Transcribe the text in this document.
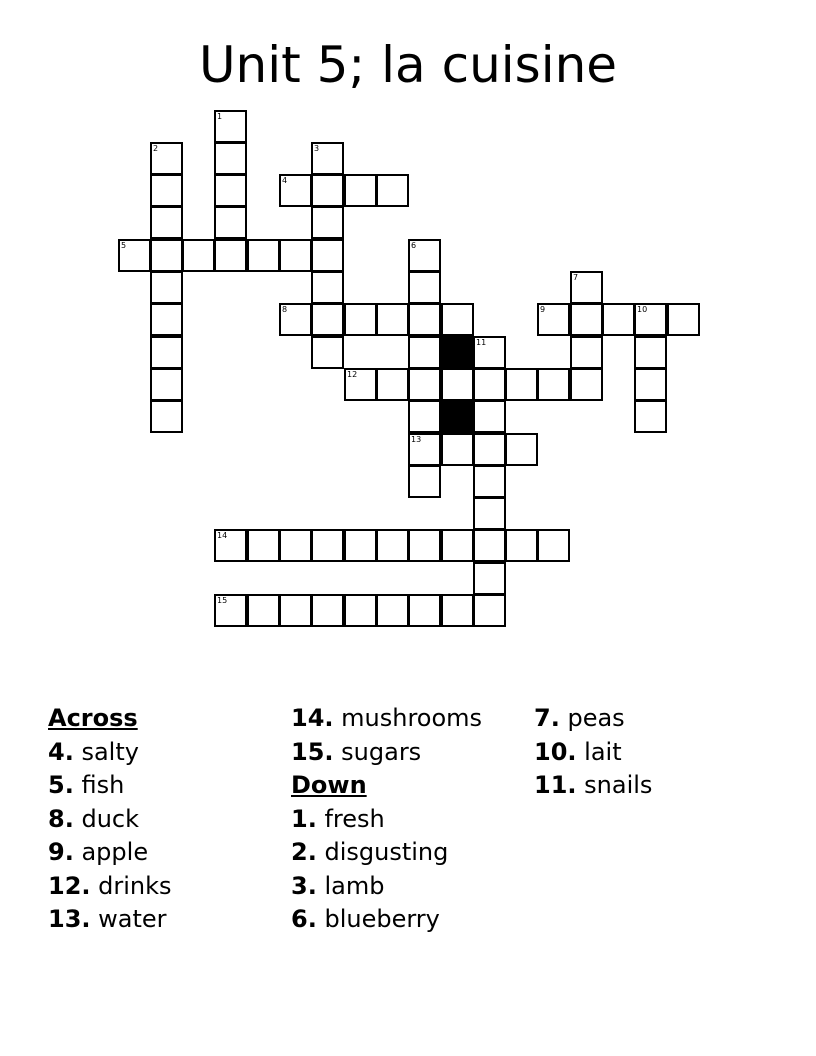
Unit 5; la cuisine
1
2	3
4
5	6
7
8	9	10
11
12
13
14
15
Across
4. salty
5. fish
8. duck
9. apple
12. drinks
13. water
14. mushrooms
15. sugars
Down
1. fresh
2. disgusting
3. lamb
6. blueberry
7. peas
10. lait
11. snails
